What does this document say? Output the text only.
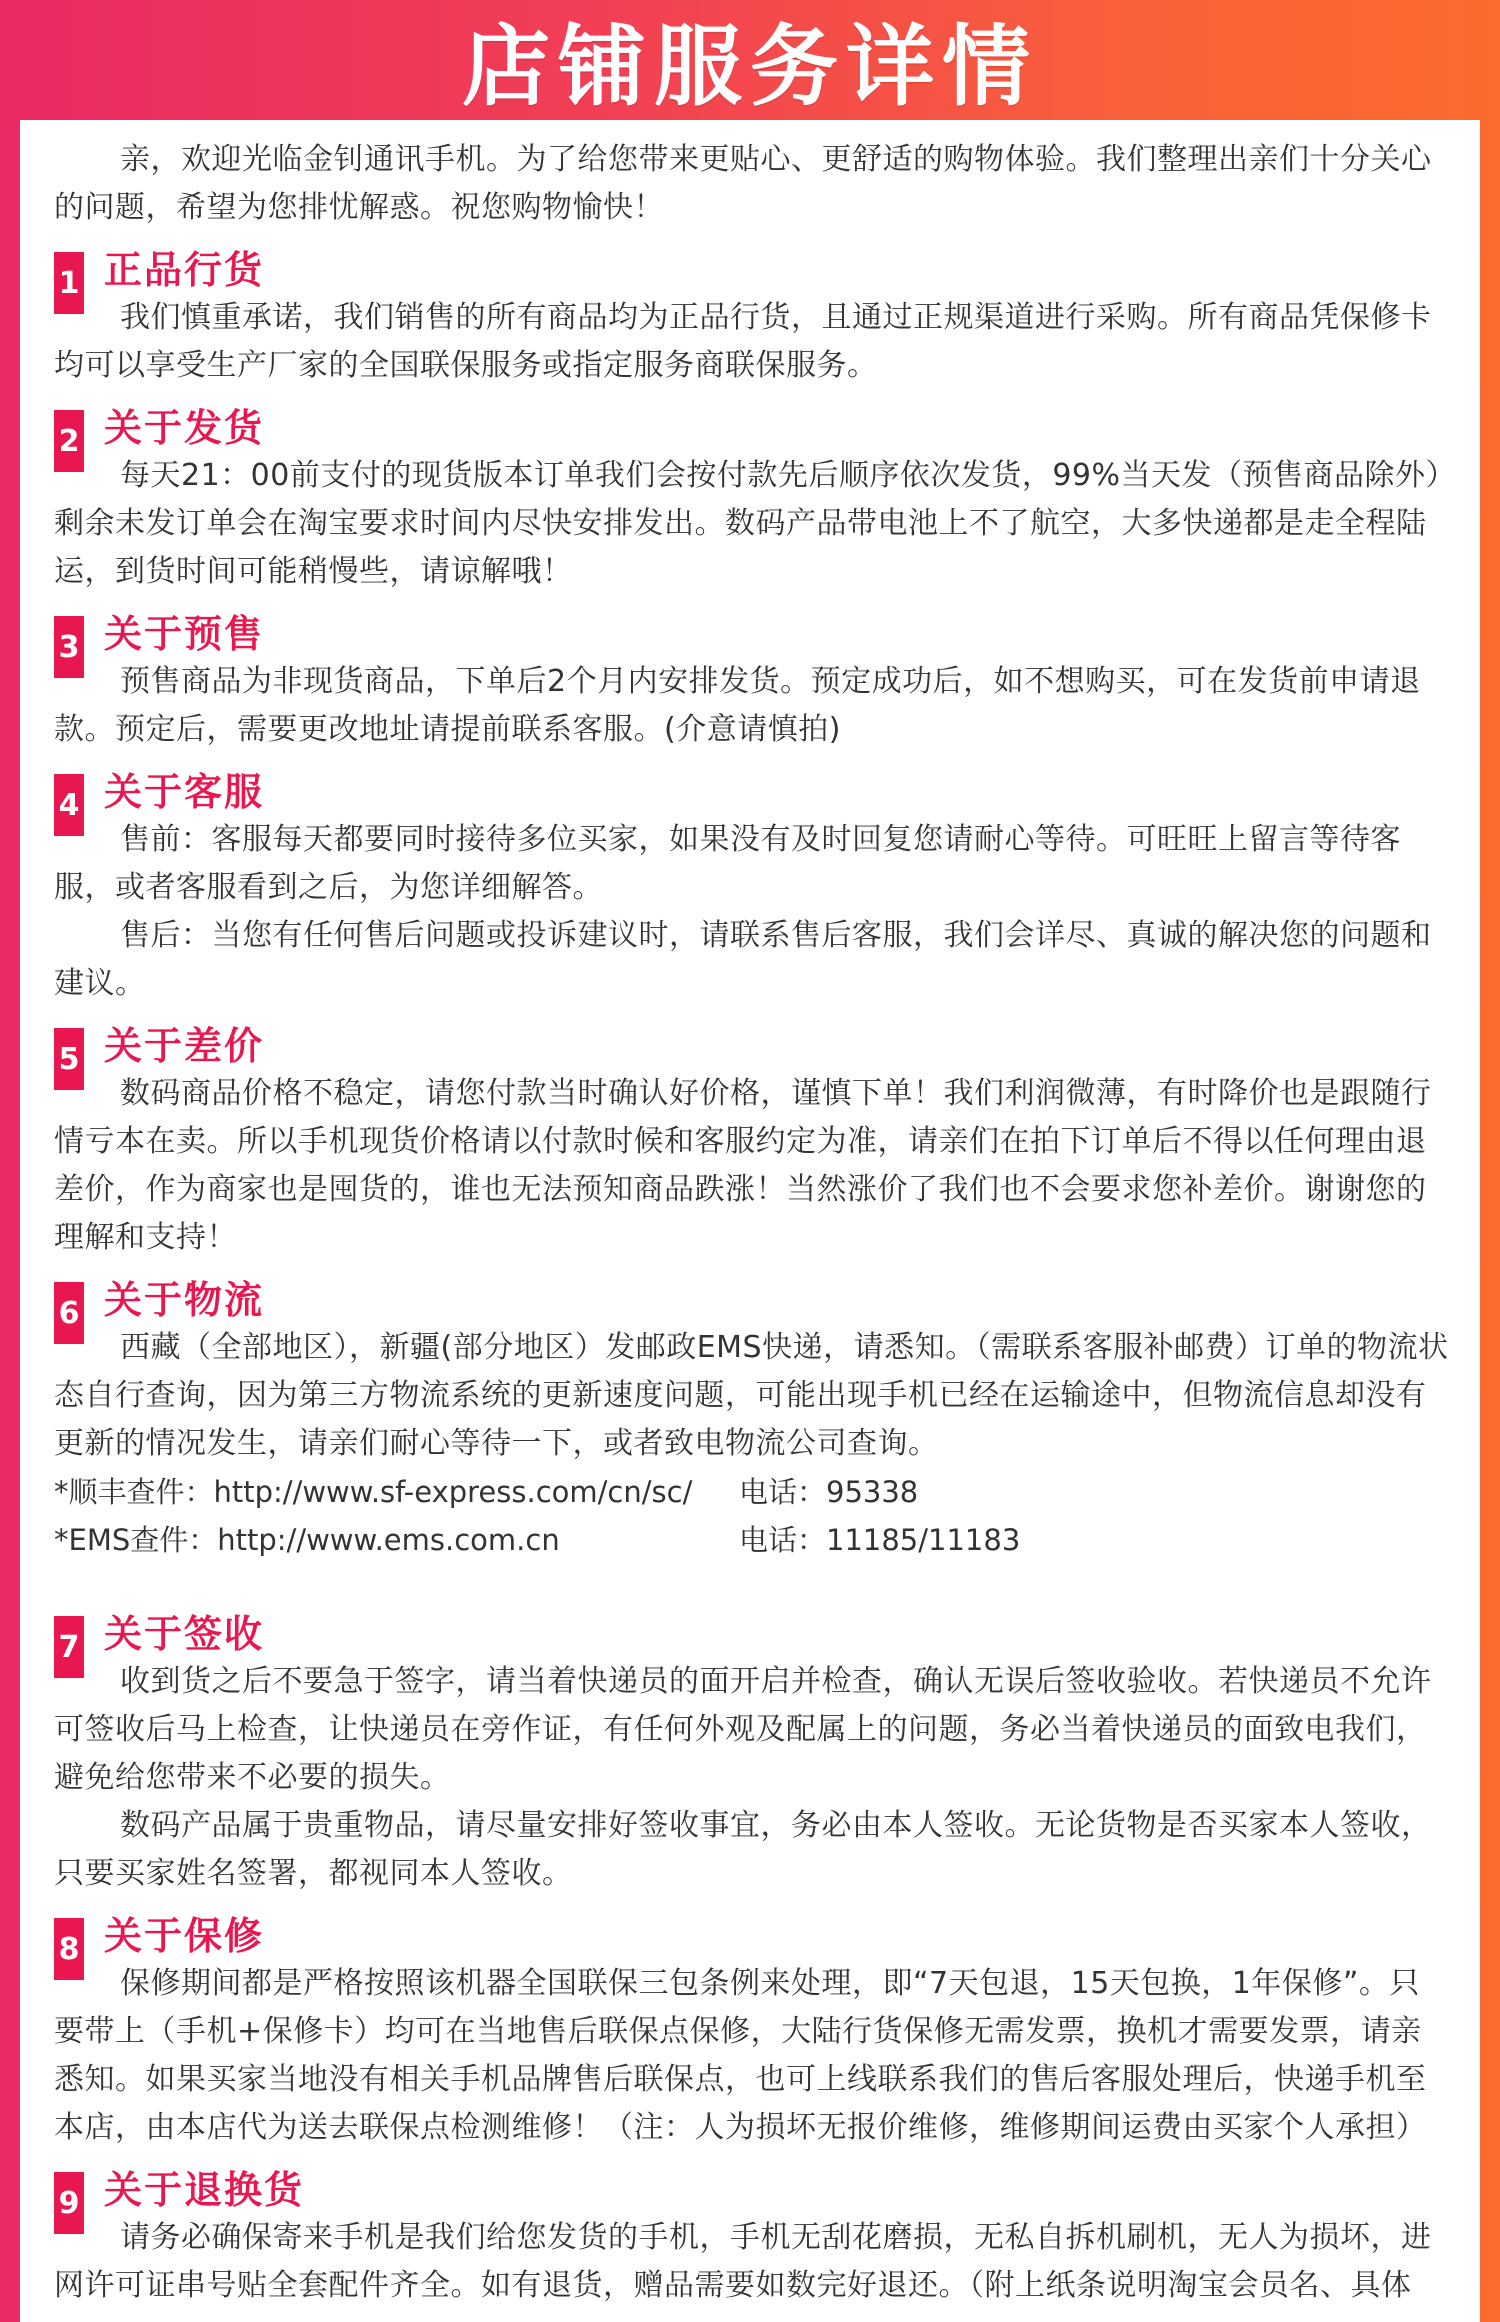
店铺服务详情

亲，欢迎光临金钊通讯手机。为了给您带来更贴心、更舒适的购物体验。我们整理出亲们十分关心的问题，希望为您排忧解惑。祝您购物愉快！

1 正品行货

我们慎重承诺，我们销售的所有商品均为正品行货，且通过正规渠道进行采购。所有商品凭保修卡均可以享受生产厂家的全国联保服务或指定服务商联保服务。

2 关于发货

每天21：00前支付的现货版本订单我们会按付款先后顺序依次发货，99%当天发（预售商品除外）剩余未发订单会在淘宝要求时间内尽快安排发出。数码产品带电池上不了航空，大多快递都是走全程陆运，到货时间可能稍慢些，请谅解哦！

3 关于预售

预售商品为非现货商品，下单后2个月内安排发货。预定成功后，如不想购买，可在发货前申请退款。预定后，需要更改地址请提前联系客服。(介意请慎拍)

4 关于客服

售前：客服每天都要同时接待多位买家，如果没有及时回复您请耐心等待。可旺旺上留言等待客服，或者客服看到之后，为您详细解答。

售后：当您有任何售后问题或投诉建议时，请联系售后客服，我们会详尽、真诚的解决您的问题和建议。

5 关于差价

数码商品价格不稳定，请您付款当时确认好价格，谨慎下单！我们利润微薄，有时降价也是跟随行情亏本在卖。所以手机现货价格请以付款时候和客服约定为准，请亲们在拍下订单后不得以任何理由退差价，作为商家也是囤货的，谁也无法预知商品跌涨！当然涨价了我们也不会要求您补差价。谢谢您的理解和支持！

6 关于物流

西藏（全部地区），新疆(部分地区）发邮政EMS快递，请悉知。（需联系客服补邮费）订单的物流状态自行查询，因为第三方物流系统的更新速度问题，可能出现手机已经在运输途中，但物流信息却没有更新的情况发生，请亲们耐心等待一下，或者致电物流公司查询。

*顺丰查件：http://www.sf-express.com/cn/sc/	电话：95338
*EMS查件：http://www.ems.com.cn	电话：11185/11183
7 关于签收

收到货之后不要急于签字，请当着快递员的面开启并检查，确认无误后签收验收。若快递员不允许可签收后马上检查，让快递员在旁作证，有任何外观及配属上的问题，务必当着快递员的面致电我们，避免给您带来不必要的损失。

数码产品属于贵重物品，请尽量安排好签收事宜，务必由本人签收。无论货物是否买家本人签收，只要买家姓名签署，都视同本人签收。

8 关于保修

保修期间都是严格按照该机器全国联保三包条例来处理，即“7天包退，15天包换，1年保修”。只要带上（手机+保修卡）均可在当地售后联保点保修，大陆行货保修无需发票，换机才需要发票，请亲悉知。如果买家当地没有相关手机品牌售后联保点，也可上线联系我们的售后客服处理后，快递手机至本店，由本店代为送去联保点检测维修！（注：人为损坏无报价维修，维修期间运费由买家个人承担）

9 关于退换货

请务必确保寄来手机是我们给您发货的手机，手机无刮花磨损，无私自拆机刷机，无人为损坏，进网许可证串号贴全套配件齐全。如有退货，赠品需要如数完好退还。（附上纸条说明淘宝会员名、具体
